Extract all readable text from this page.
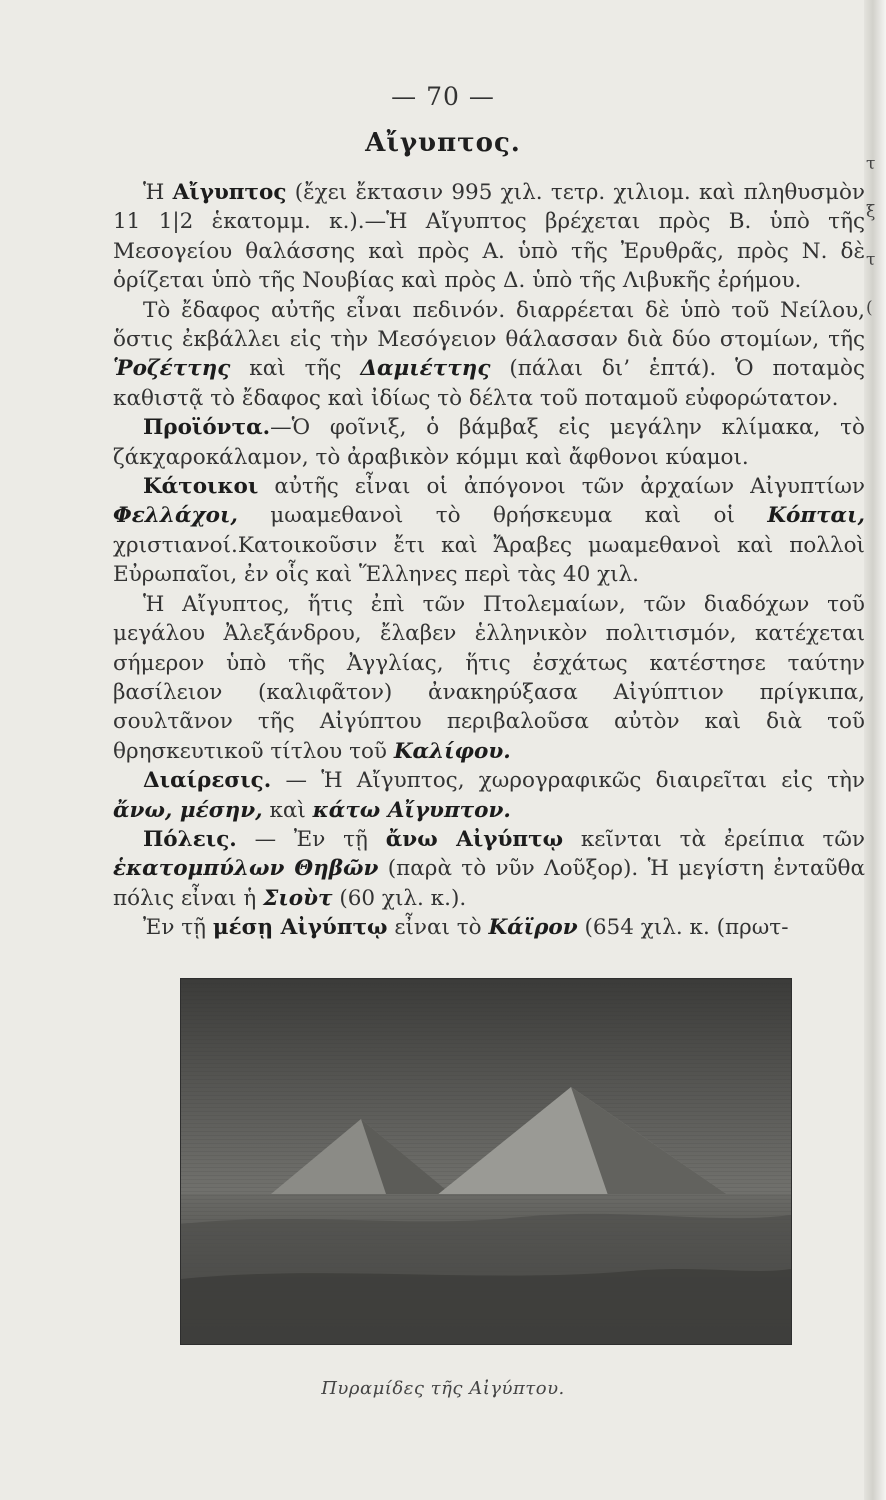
τ
ξ
τ
(
— 70 —
Αἴγυπτος.

Ἡ Αἴγυπτος (ἔχει ἔκτασιν 995 χιλ. τετρ. χιλιομ. καὶ πληθυσμὸν 11 1|2 ἑκατομμ. κ.).—Ἡ Αἴγυπτος βρέχεται πρὸς Β. ὑπὸ τῆς Μεσογείου θαλάσσης καὶ πρὸς Α. ὑπὸ τῆς Ἐρυθρᾶς, πρὸς Ν. δὲ ὁρίζεται ὑπὸ τῆς Νουβίας καὶ πρὸς Δ. ὑπὸ τῆς Λιβυκῆς ἐρήμου.

Τὸ ἔδαφος αὐτῆς εἶναι πεδινόν. διαρρέεται δὲ ὑπὸ τοῦ Νείλου, ὅστις ἐκβάλλει εἰς τὴν Μεσόγειον θάλασσαν διὰ δύο στομίων, τῆς Ῥοζέττης καὶ τῆς Δαμιέττης (πάλαι δι’ ἑπτά). Ὁ ποταμὸς καθιστᾷ τὸ ἔδαφος καὶ ἰδίως τὸ δέλτα τοῦ ποταμοῦ εὐφορώτατον.

Προϊόντα.—Ὁ φοῖνιξ, ὁ βάμβαξ εἰς μεγάλην κλίμακα, τὸ ζάκχαροκάλαμον, τὸ ἀραβικὸν κόμμι καὶ ἄφθονοι κύαμοι.

Κάτοικοι αὐτῆς εἶναι οἱ ἀπόγονοι τῶν ἀρχαίων Αἰγυπτίων Φελλάχοι, μωαμεθανοὶ τὸ θρήσκευμα καὶ οἱ Κόπται, χριστιανοί.Κατοικοῦσιν ἔτι καὶ Ἄραβες μωαμεθανοὶ καὶ πολλοὶ Εὐρωπαῖοι, ἐν οἷς καὶ Ἕλληνες περὶ τὰς 40 χιλ.

Ἡ Αἴγυπτος, ἥτις ἐπὶ τῶν Πτολεμαίων, τῶν διαδόχων τοῦ μεγάλου Ἀλεξάνδρου, ἔλαβεν ἑλληνικὸν πολιτισμόν, κατέχεται σήμερον ὑπὸ τῆς Ἀγγλίας, ἥτις ἐσχάτως κατέστησε ταύτην βασίλειον (καλιφᾶτον) ἀνακηρύξασα Αἰγύπτιον πρίγκιπα, σουλτᾶνον τῆς Αἰγύπτου περιβαλοῦσα αὐτὸν καὶ διὰ τοῦ θρησκευτικοῦ τίτλου τοῦ Καλίφου.

Διαίρεσις. — Ἡ Αἴγυπτος, χωρογραφικῶς διαιρεῖται εἰς τὴν ἄνω, μέσην, καὶ κάτω Αἴγυπτον.

Πόλεις. — Ἐν τῇ ἄνω Αἰγύπτῳ κεῖνται τὰ ἐρείπια τῶν ἑκατομπύλων Θηβῶν (παρὰ τὸ νῦν Λοῦξορ). Ἡ μεγίστη ἐνταῦθα πόλις εἶναι ἡ Σιοὺτ (60 χιλ. κ.).

Ἐν τῇ μέσῃ Αἰγύπτῳ εἶναι τὸ Κάϊρον (654 χιλ. κ. (πρωτ-

Πυραμίδες τῆς Αἰγύπτου.
